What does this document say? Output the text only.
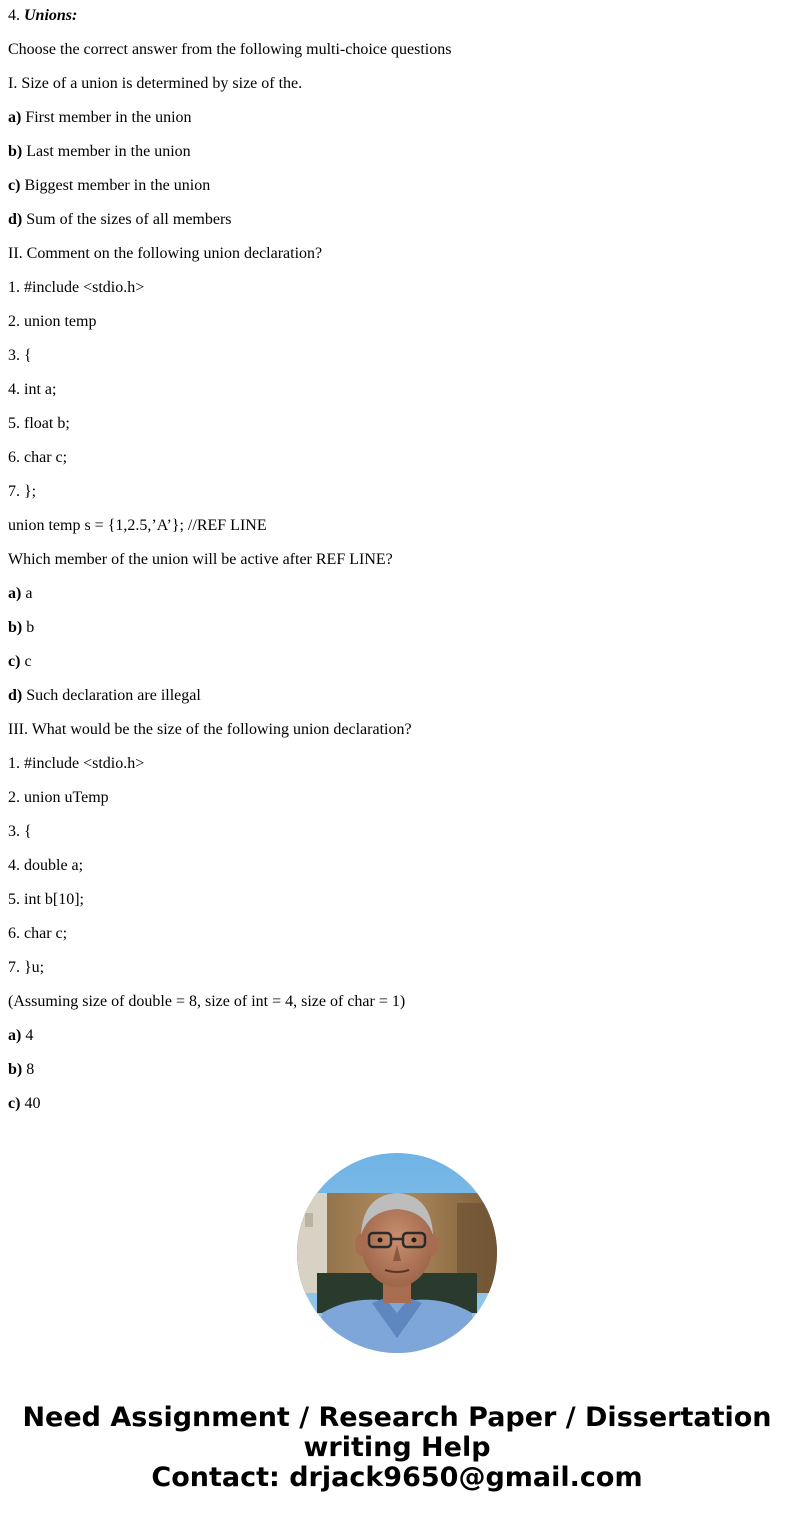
4. Unions:
Choose the correct answer from the following multi-choice questions
I. Size of a union is determined by size of the.
a) First member in the union
b) Last member in the union
c) Biggest member in the union
d) Sum of the sizes of all members
II. Comment on the following union declaration?
1. #include <stdio.h>
2. union temp
3. {
4. int a;
5. float b;
6. char c;
7. };
union temp s = {1,2.5,’A’}; //REF LINE
Which member of the union will be active after REF LINE?
a) a
b) b
c) c
d) Such declaration are illegal
III. What would be the size of the following union declaration?
1. #include <stdio.h>
2. union uTemp
3. {
4. double a;
5. int b[10];
6. char c;
7. }u;
(Assuming size of double = 8, size of int = 4, size of char = 1)
a) 4
b) 8
c) 40
Need Assignment / Research Paper / Dissertation
writing Help
Contact: drjack9650@gmail.com
